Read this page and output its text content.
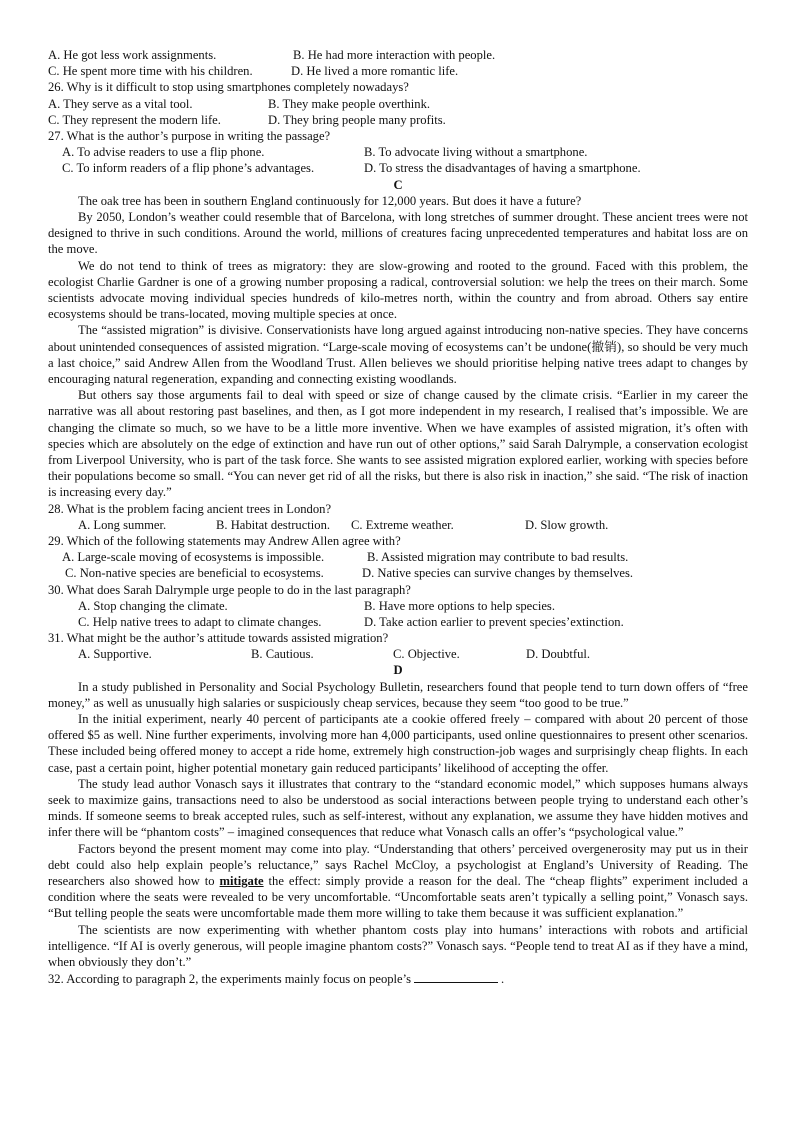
A. He got less work assignments.	B. He had more interaction with people.
C. He spent more time with his children.	D. He lived a more romantic life.
26. Why is it difficult to stop using smartphones completely nowadays?
A. They serve as a vital tool.	B. They make people overthink.
C. They represent the modern life.	D. They bring people many profits.
27. What is the author’s purpose in writing the passage?
A. To advise readers to use a flip phone.	B. To advocate living without a smartphone.
C. To inform readers of a flip phone’s advantages.	D. To stress the disadvantages of having a smartphone.

C

The oak tree has been in southern England continuously for 12,000 years. But does it have a future?

By 2050, London’s weather could resemble that of Barcelona, with long stretches of summer drought. These ancient trees were not designed to thrive in such conditions. Around the world, millions of creatures facing unprecedented temperatures and habitat loss are on the move.

We do not tend to think of trees as migratory: they are slow-growing and rooted to the ground. Faced with this problem, the ecologist Charlie Gardner is one of a growing number proposing a radical, controversial solution: we help the trees on their march. Some scientists advocate moving individual species hundreds of kilo-metres north, within the country and from abroad. Others say entire ecosystems should be trans-located, moving multiple species at once.

The “assisted migration” is divisive. Conservationists have long argued against introducing non-native species. They have concerns about unintended consequences of assisted migration. “Large-scale moving of ecosystems can’t be undone(撤销), so should be very much a last choice,” said Andrew Allen from the Woodland Trust. Allen believes we should prioritise helping native trees adapt to changes by encouraging natural regeneration, expanding and connecting existing woodlands.

But others say those arguments fail to deal with speed or size of change caused by the climate crisis. “Earlier in my career the narrative was all about restoring past baselines, and then, as I got more independent in my research, I realised that’s impossible. We are changing the climate so much, so we have to be a little more inventive. When we have examples of assisted migration, it’s often with species which are absolutely on the edge of extinction and have run out of other options,” said Sarah Dalrymple, a conservation ecologist from Liverpool University, who is part of the task force. She wants to see assisted migration explored earlier, working with species before their populations become so small. “You can never get rid of all the risks, but there is also risk in inaction,” she said. “The risk of inaction is increasing every day.”

28. What is the problem facing ancient trees in London?
A. Long summer.	B. Habitat destruction. C. Extreme weather.	D. Slow growth.
29. Which of the following statements may Andrew Allen agree with?
A. Large-scale moving of ecosystems is impossible.	B. Assisted migration may contribute to bad results.
C. Non-native species are beneficial to ecosystems.	D. Native species can survive changes by themselves.
30. What does Sarah Dalrymple urge people to do in the last paragraph?
A. Stop changing the climate.	B. Have more options to help species.
C. Help native trees to adapt to climate changes.	D. Take action earlier to prevent species’extinction.
31. What might be the author’s attitude towards assisted migration?
A. Supportive.	B. Cautious.	C. Objective.	D. Doubtful.

D

In a study published in Personality and Social Psychology Bulletin, researchers found that people tend to turn down offers of “free money,” as well as unusually high salaries or suspiciously cheap services, because they seem “too good to be true.”

In the initial experiment, nearly 40 percent of participants ate a cookie offered freely – compared with about 20 percent of those offered $5 as well. Nine further experiments, involving more han 4,000 participants, used online questionnaires to present other scenarios. These included being offered money to accept a ride home, extremely high construction-job wages and surprisingly cheap flights. In each case, past a certain point, higher potential monetary gain reduced participants’ likelihood of accepting the offer.

The study lead author Vonasch says it illustrates that contrary to the “standard economic model,” which supposes humans always seek to maximize gains, transactions need to also be understood as social interactions between people trying to understand each other’s minds. If someone seems to break accepted rules, such as self-interest, without any explanation, we assume they have hidden motives and infer there will be “phantom costs” – imagined consequences that reduce what Vonasch calls an offer’s “psychological value.”

Factors beyond the present moment may come into play. “Understanding that others’ perceived overgenerosity may put us in their debt could also help explain people’s reluctance,” says Rachel McCloy, a psychologist at England’s University of Reading. The researchers also showed how to mitigate the effect: simply provide a reason for the deal. The “cheap flights” experiment included a condition where the seats were revealed to be very uncomfortable. “Uncomfortable seats aren’t typically a selling point,” Vonasch says. “But telling people the seats were uncomfortable made them more willing to take them because it was sufficient explanation.”

The scientists are now experimenting with whether phantom costs play into humans’ interactions with robots and artificial intelligence. “If AI is overly generous, will people imagine phantom costs?” Vonasch says. “People tend to treat AI as if they have a mind, when obviously they don’t.”

32. According to paragraph 2, the experiments mainly focus on people’s	.
